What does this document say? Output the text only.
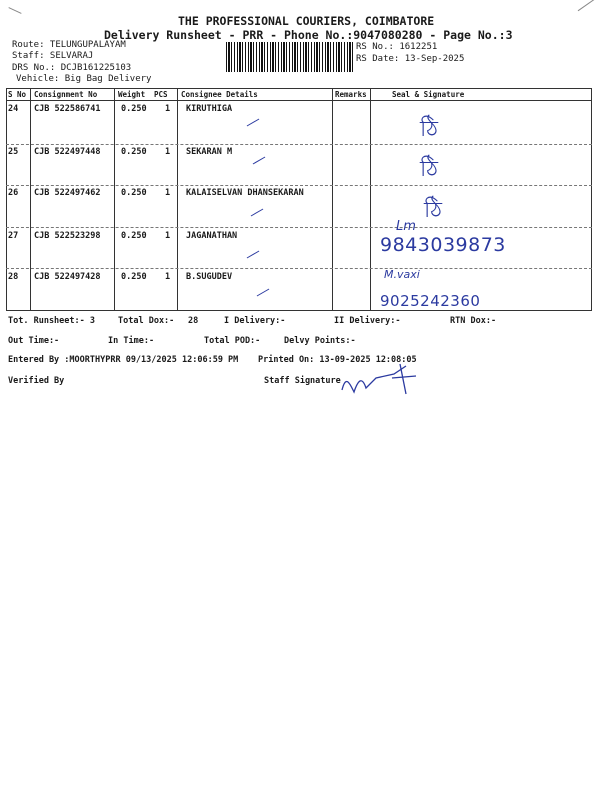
THE PROFESSIONAL COURIERS, COIMBATORE
Delivery Runsheet - PRR - Phone No.:9047080280 - Page No.:3
Route: TELUNGUPALAYAM
Staff: SELVARAJ
DRS No.: DCJB161225103
Vehicle: Big Bag Delivery
RS No.: 1612251
RS Date: 13-Sep-2025
S No Consignment No	Weight PCS Consignee Details	Remarks	Seal & Signature
24 CJB 522586741 0.250 1 KIRUTHIGA
ঠি
25 CJB 522497448 0.250 1 SEKARAN M
ঠি
26 CJB 522497462 0.250 1 KALAISELVAN DHANSEKARAN
ঠি
27 CJB 522523298 0.250 1 JAGANATHAN
Lm
9843039873
28 CJB 522497428 0.250 1 B.SUGUDEV	M.vaxi
9025242360
Tot. Runsheet:- 3	Total Dox:- 28	I Delivery:-	II Delivery:-	RTN Dox:-
Out Time:-	In Time:-	Total POD:-	Delvy Points:-
Entered By :MOORTHYPRR 09/13/2025 12:06:59 PM Printed On: 13-09-2025 12:08:05
Verified By	Staff Signature
